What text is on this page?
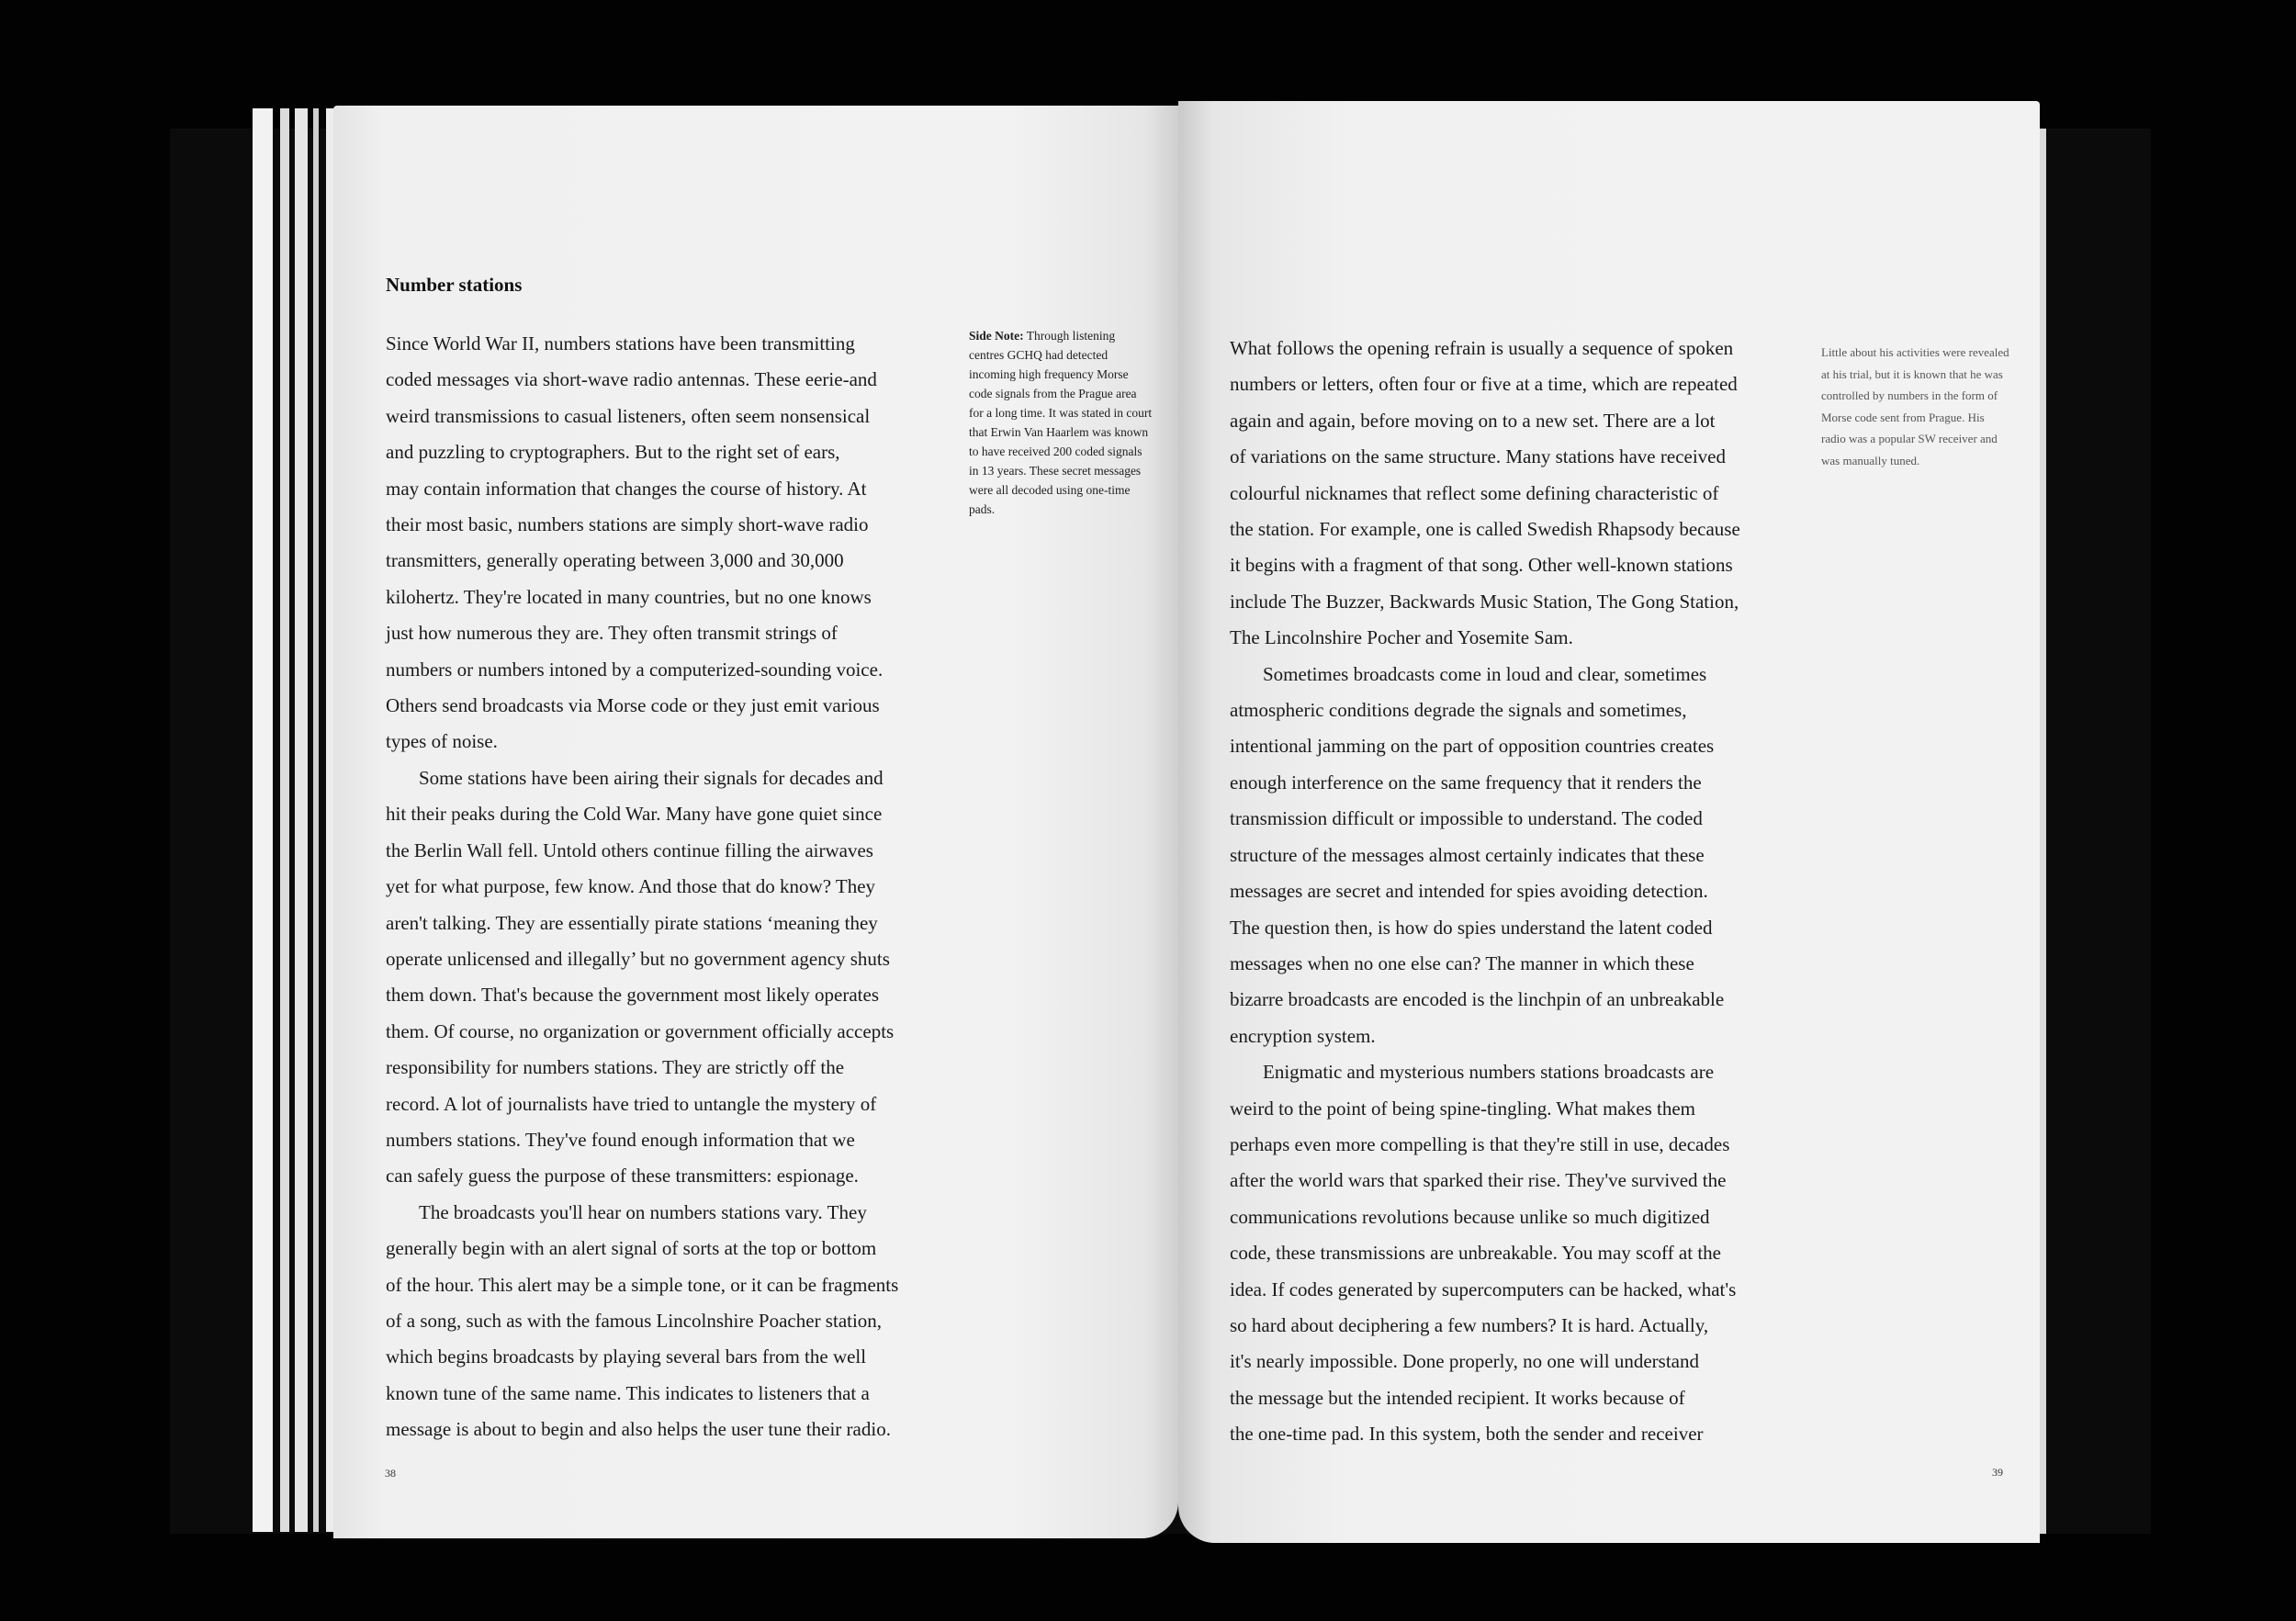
Number stations
Since World War II, numbers stations have been transmitting
coded messages via short-wave radio antennas. These eerie-and
weird transmissions to casual listeners, often seem nonsensical
and puzzling to cryptographers. But to the right set of ears,
may contain information that changes the course of history. At
their most basic, numbers stations are simply short-wave radio
transmitters, generally operating between 3,000 and 30,000
kilohertz. They're located in many countries, but no one knows
just how numerous they are. They often transmit strings of
numbers or numbers intoned by a computerized-sounding voice.
Others send broadcasts via Morse code or they just emit various
types of noise.
Some stations have been airing their signals for decades and
hit their peaks during the Cold War. Many have gone quiet since
the Berlin Wall fell. Untold others continue filling the airwaves
yet for what purpose, few know. And those that do know? They
aren't talking. They are essentially pirate stations ‘meaning they
operate unlicensed and illegally’ but no government agency shuts
them down. That's because the government most likely operates
them. Of course, no organization or government officially accepts
responsibility for numbers stations. They are strictly off the
record. A lot of journalists have tried to untangle the mystery of
numbers stations. They've found enough information that we
can safely guess the purpose of these transmitters: espionage.
The broadcasts you'll hear on numbers stations vary. They
generally begin with an alert signal of sorts at the top or bottom
of the hour. This alert may be a simple tone, or it can be fragments
of a song, such as with the famous Lincolnshire Poacher station,
which begins broadcasts by playing several bars from the well
known tune of the same name. This indicates to listeners that a
message is about to begin and also helps the user tune their radio.
Side Note: Through listening centres GCHQ had detected incoming high frequency Morse code signals from the Prague area for a long time. It was stated in court that Erwin Van Haarlem was known to have received 200 coded signals in 13 years. These secret messages were all decoded using one-time pads.
38
What follows the opening refrain is usually a sequence of spoken
numbers or letters, often four or five at a time, which are repeated
again and again, before moving on to a new set. There are a lot
of variations on the same structure. Many stations have received
colourful nicknames that reflect some defining characteristic of
the station. For example, one is called Swedish Rhapsody because
it begins with a fragment of that song. Other well-known stations
include The Buzzer, Backwards Music Station, The Gong Station,
The Lincolnshire Pocher and Yosemite Sam.
Sometimes broadcasts come in loud and clear, sometimes
atmospheric conditions degrade the signals and sometimes,
intentional jamming on the part of opposition countries creates
enough interference on the same frequency that it renders the
transmission difficult or impossible to understand. The coded
structure of the messages almost certainly indicates that these
messages are secret and intended for spies avoiding detection.
The question then, is how do spies understand the latent coded
messages when no one else can? The manner in which these
bizarre broadcasts are encoded is the linchpin of an unbreakable
encryption system.
Enigmatic and mysterious numbers stations broadcasts are
weird to the point of being spine-tingling. What makes them
perhaps even more compelling is that they're still in use, decades
after the world wars that sparked their rise. They've survived the
communications revolutions because unlike so much digitized
code, these transmissions are unbreakable. You may scoff at the
idea. If codes generated by supercomputers can be hacked, what's
so hard about deciphering a few numbers? It is hard. Actually,
it's nearly impossible. Done properly, no one will understand
the message but the intended recipient. It works because of
the one-time pad. In this system, both the sender and receiver
Little about his activities were revealed at his trial, but it is known that he was controlled by numbers in the form of Morse code sent from Prague. His radio was a popular SW receiver and was manually tuned.
39
